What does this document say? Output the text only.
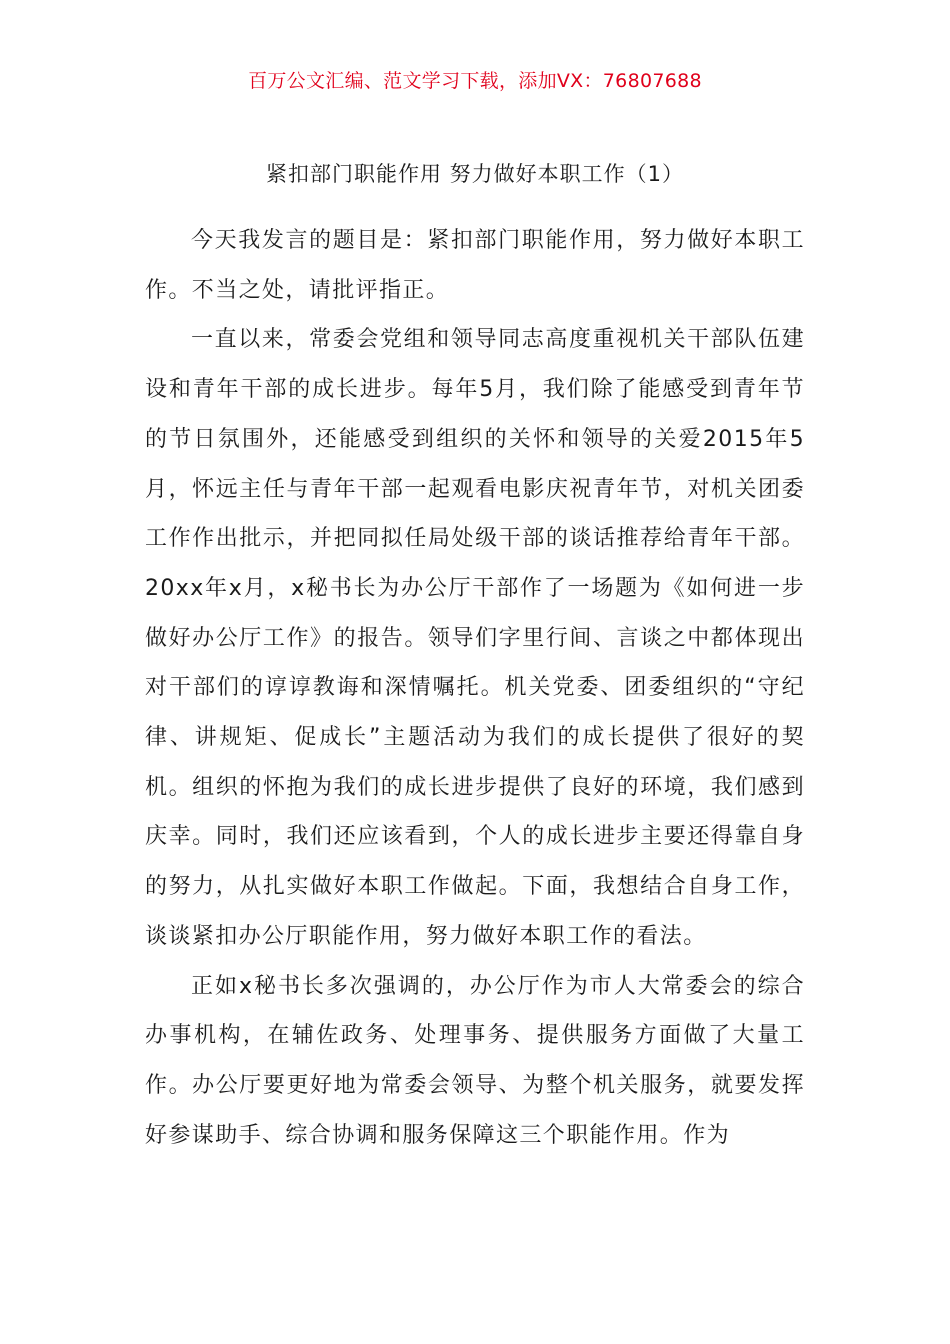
百万公文汇编、范文学习下载，添加VX：76807688
紧扣部门职能作用 努力做好本职工作（1）

今天我发言的题目是：紧扣部门职能作用，努力做好本职工作。不当之处，请批评指正。

一直以来，常委会党组和领导同志高度重视机关干部队伍建设和青年干部的成长进步。每年5月，我们除了能感受到青年节的节日氛围外，还能感受到组织的关怀和领导的关爱2015年5月，怀远主任与青年干部一起观看电影庆祝青年节，对机关团委工作作出批示，并把同拟任局处级干部的谈话推荐给青年干部。20xx年x月，x秘书长为办公厅干部作了一场题为《如何进一步做好办公厅工作》的报告。领导们字里行间、言谈之中都体现出对干部们的谆谆教诲和深情嘱托。机关党委、团委组织的“守纪律、讲规矩、促成长”主题活动为我们的成长提供了很好的契机。组织的怀抱为我们的成长进步提供了良好的环境，我们感到庆幸。同时，我们还应该看到，个人的成长进步主要还得靠自身的努力，从扎实做好本职工作做起。下面，我想结合自身工作，谈谈紧扣办公厅职能作用，努力做好本职工作的看法。

正如x秘书长多次强调的，办公厅作为市人大常委会的综合办事机构，在辅佐政务、处理事务、提供服务方面做了大量工作。办公厅要更好地为常委会领导、为整个机关服务，就要发挥好参谋助手、综合协调和服务保障这三个职能作用。作为
